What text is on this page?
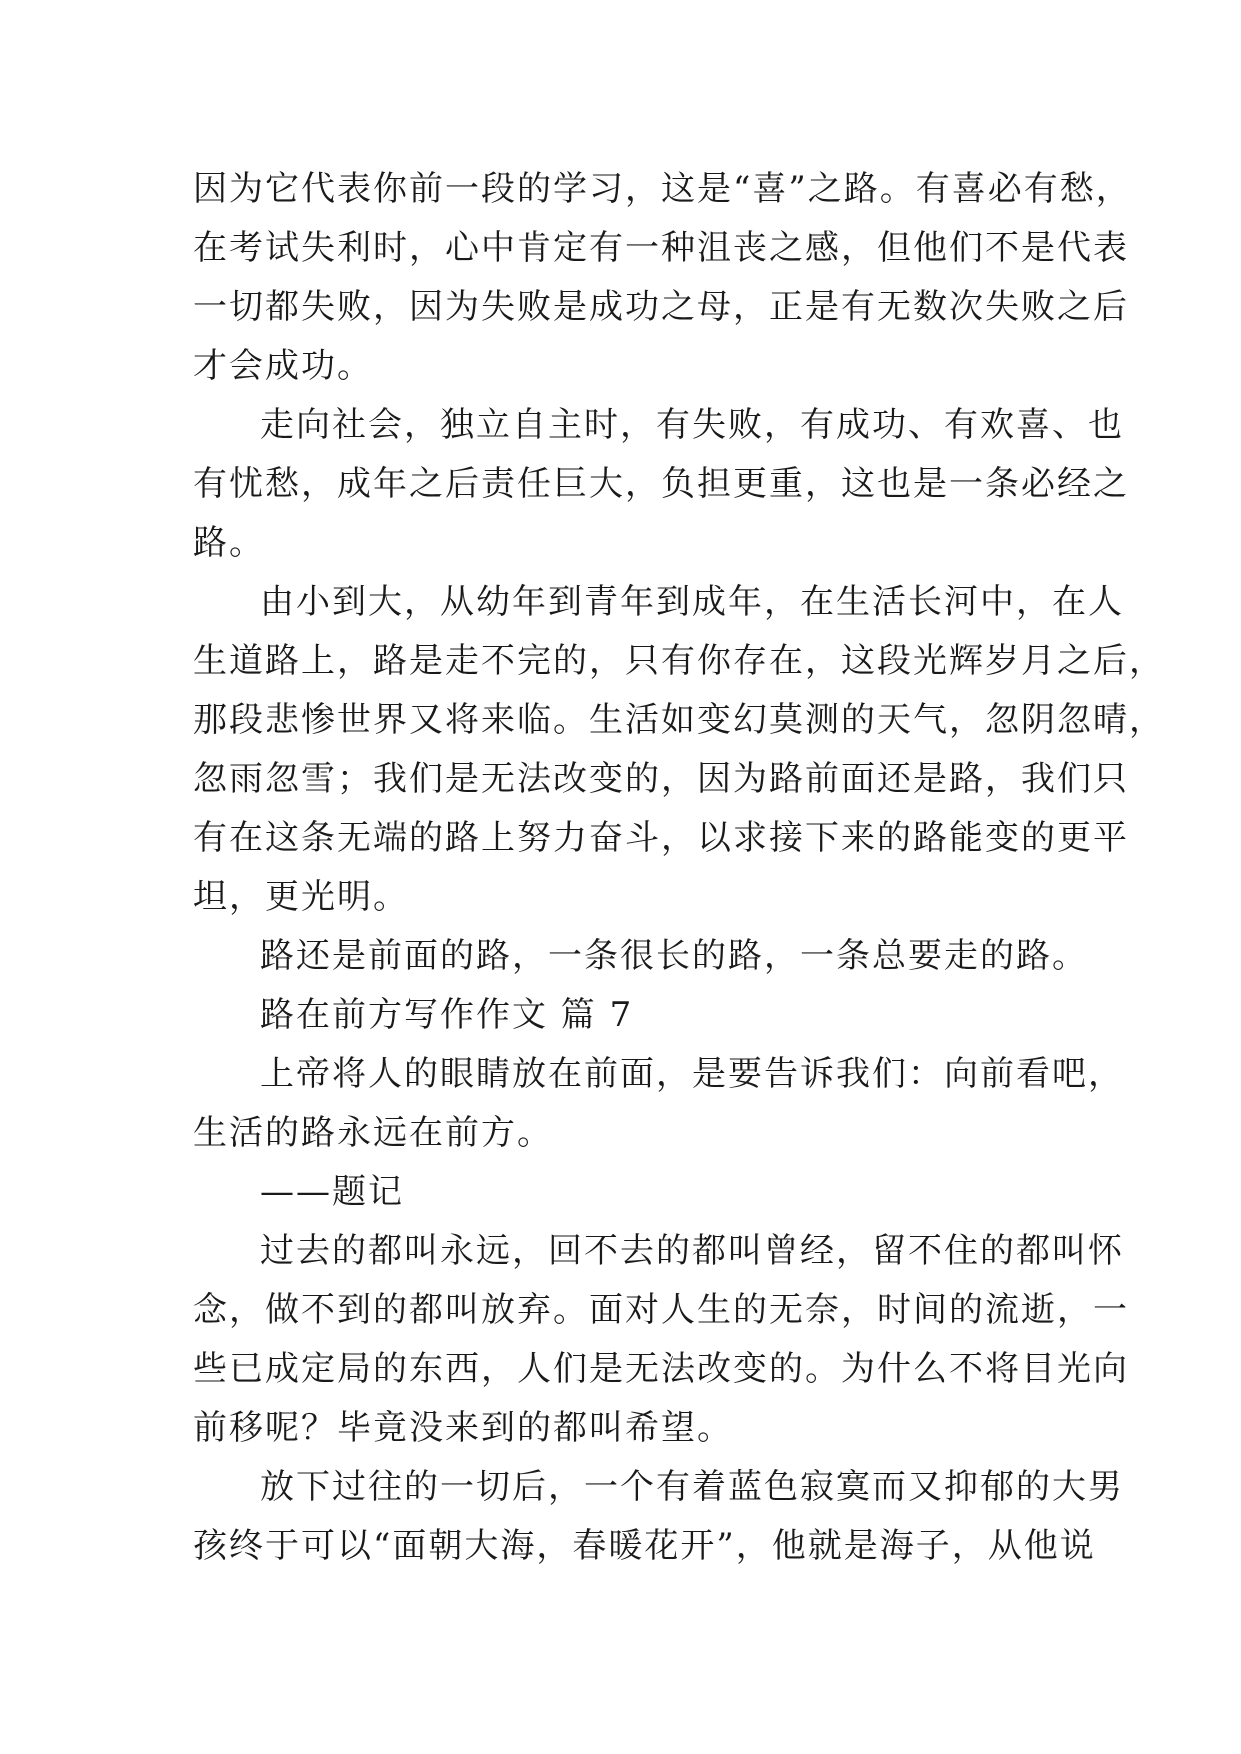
因为它代表你前一段的学习，这是“喜”之路。有喜必有愁，
在考试失利时，心中肯定有一种沮丧之感，但他们不是代表
一切都失败，因为失败是成功之母，正是有无数次失败之后
才会成功。
走向社会，独立自主时，有失败，有成功、有欢喜、也
有忧愁，成年之后责任巨大，负担更重，这也是一条必经之
路。
由小到大，从幼年到青年到成年，在生活长河中，在人
生道路上，路是走不完的，只有你存在，这段光辉岁月之后，
那段悲惨世界又将来临。生活如变幻莫测的天气，忽阴忽晴，
忽雨忽雪；我们是无法改变的，因为路前面还是路，我们只
有在这条无端的路上努力奋斗，以求接下来的路能变的更平
坦，更光明。
路还是前面的路，一条很长的路，一条总要走的路。
路在前方写作作文 篇 7
上帝将人的眼睛放在前面，是要告诉我们：向前看吧，
生活的路永远在前方。
——题记
过去的都叫永远，回不去的都叫曾经，留不住的都叫怀
念，做不到的都叫放弃。面对人生的无奈，时间的流逝，一
些已成定局的东西，人们是无法改变的。为什么不将目光向
前移呢？毕竟没来到的都叫希望。
放下过往的一切后，一个有着蓝色寂寞而又抑郁的大男
孩终于可以“面朝大海，春暖花开”，他就是海子，从他说
